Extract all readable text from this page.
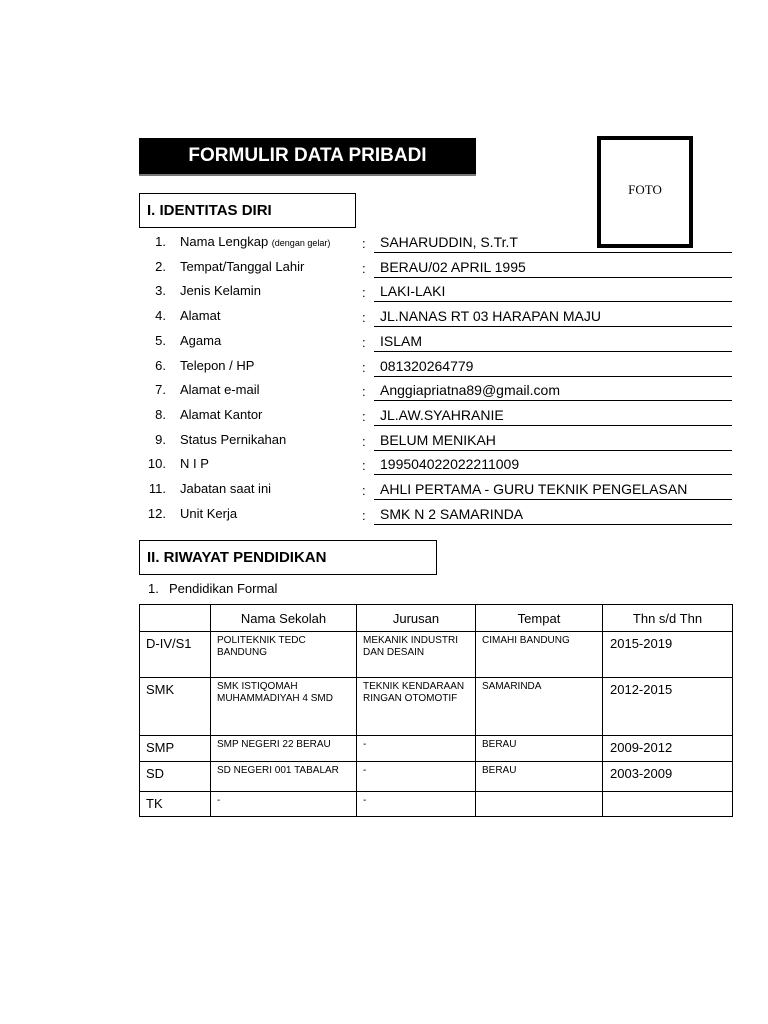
FORMULIR DATA PRIBADI
FOTO
I. IDENTITAS DIRI
1. Nama Lengkap (dengan gelar) :	SAHARUDDIN, S.Tr.T
2. Tempat/Tanggal Lahir	:	BERAU/02 APRIL 1995
3. Jenis Kelamin	:	LAKI-LAKI
4. Alamat	:	JL.NANAS RT 03 HARAPAN MAJU
5. Agama	:	ISLAM
6. Telepon / HP	:	081320264779
7. Alamat e-mail	:	Anggiapriatna89@gmail.com
8. Alamat Kantor	:	JL.AW.SYAHRANIE
9. Status Pernikahan	:	BELUM MENIKAH
10. N I P	:	199504022022211009
11. Jabatan saat ini	:	AHLI PERTAMA - GURU TEKNIK PENGELASAN
12. Unit Kerja	:	SMK N 2 SAMARINDA
II. RIWAYAT PENDIDIKAN
1. Pendidikan Formal
	Nama Sekolah	Jurusan	Tempat	Thn s/d Thn
D-IV/S1	POLITEKNIK TEDC BANDUNG	MEKANIK INDUSTRI DAN DESAIN	CIMAHI BANDUNG	2015-2019
SMK	SMK ISTIQOMAH MUHAMMADIYAH 4 SMD	TEKNIK KENDARAAN RINGAN OTOMOTIF	SAMARINDA	2012-2015
SMP	SMP NEGERI 22 BERAU	-	BERAU	2009-2012
SD	SD NEGERI 001 TABALAR	-	BERAU	2003-2009
TK	-	-		
